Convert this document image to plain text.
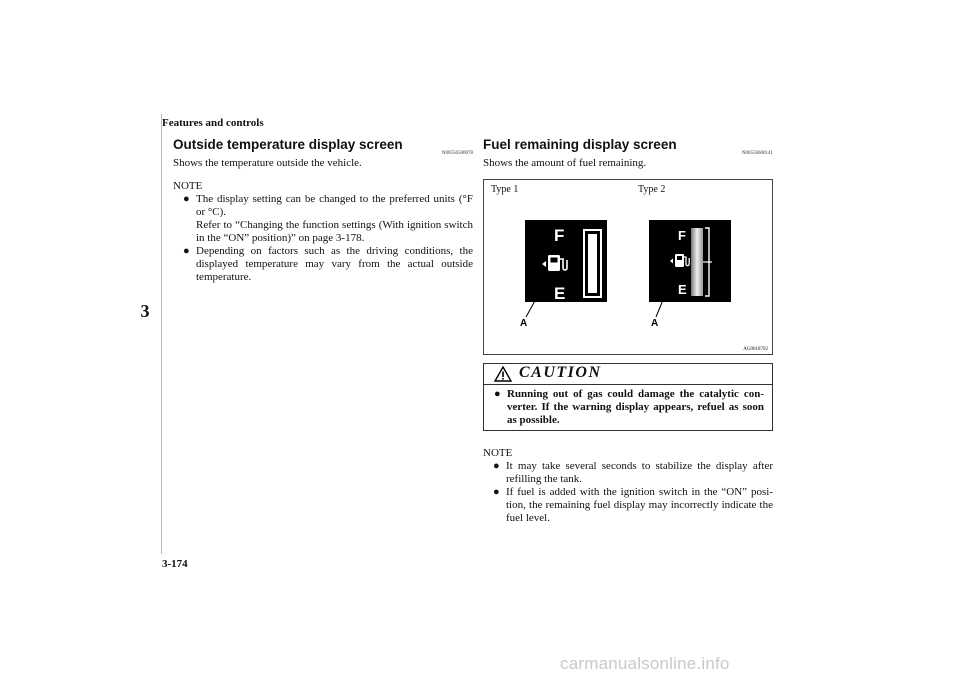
Features and controls
3
3-174
carmanualsonline.info
Outside temperature display screen
N00556500078

Shows the temperature outside the vehicle.

NOTE
● The display setting can be changed to the preferred units (°F or °C).
Refer to “Changing the function settings (With ignition switch in the “ON” position)” on page 3-178.
● Depending on factors such as the driving conditions, the displayed temperature may vary from the actual outside temperature.
Fuel remaining display screen
N00556600141

Shows the amount of fuel remaining.

Type 1	Type 2
F
E
A
F
E
A
AG0018702
CAUTION
● Running out of gas could damage the catalytic con- verter. If the warning display appears, refuel as soon as possible.
NOTE
● It may take several seconds to stabilize the display after refilling the tank.
● If fuel is added with the ignition switch in the “ON” posi- tion, the remaining fuel display may incorrectly indicate the fuel level.
